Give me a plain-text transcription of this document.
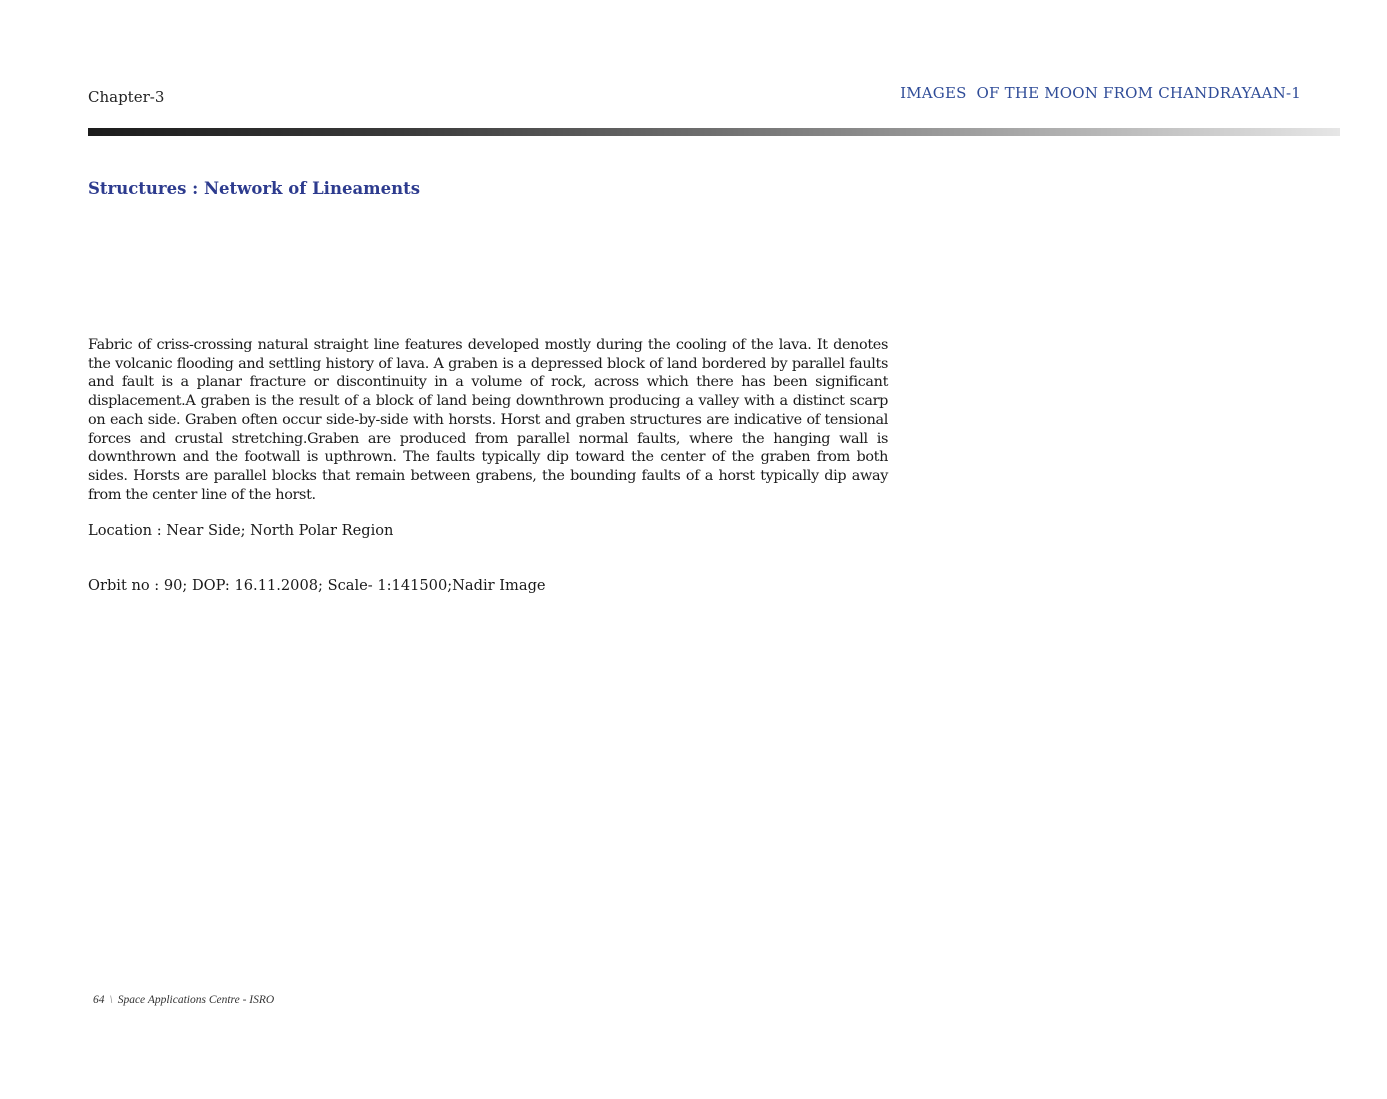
Chapter-3	IMAGES  OF THE MOON FROM CHANDRAYAAN-1
Structures : Network of Lineaments

Fabric of criss-crossing natural straight line features developed mostly during the cooling of the lava. It denotes the volcanic flooding and settling history of lava. A graben is a depressed block of land bordered by parallel faults and fault is a planar fracture or discontinuity in a volume of rock, across which there has been significant displacement.A graben is the result of a block of land being downthrown producing a valley with a distinct scarp on each side. Graben often occur side-by-side with horsts. Horst and graben structures are indicative of tensional forces and crustal stretching.Graben are produced from parallel normal faults, where the hanging wall is downthrown and the footwall is upthrown. The faults typically dip toward the center of the graben from both sides. Horsts are parallel blocks that remain between grabens, the bounding faults of a horst typically dip away from the center line of the horst.

Location : Near Side; North Polar Region

Orbit no : 90; DOP: 16.11.2008; Scale- 1:141500;Nadir Image

64 \ Space Applications Centre - ISRO
